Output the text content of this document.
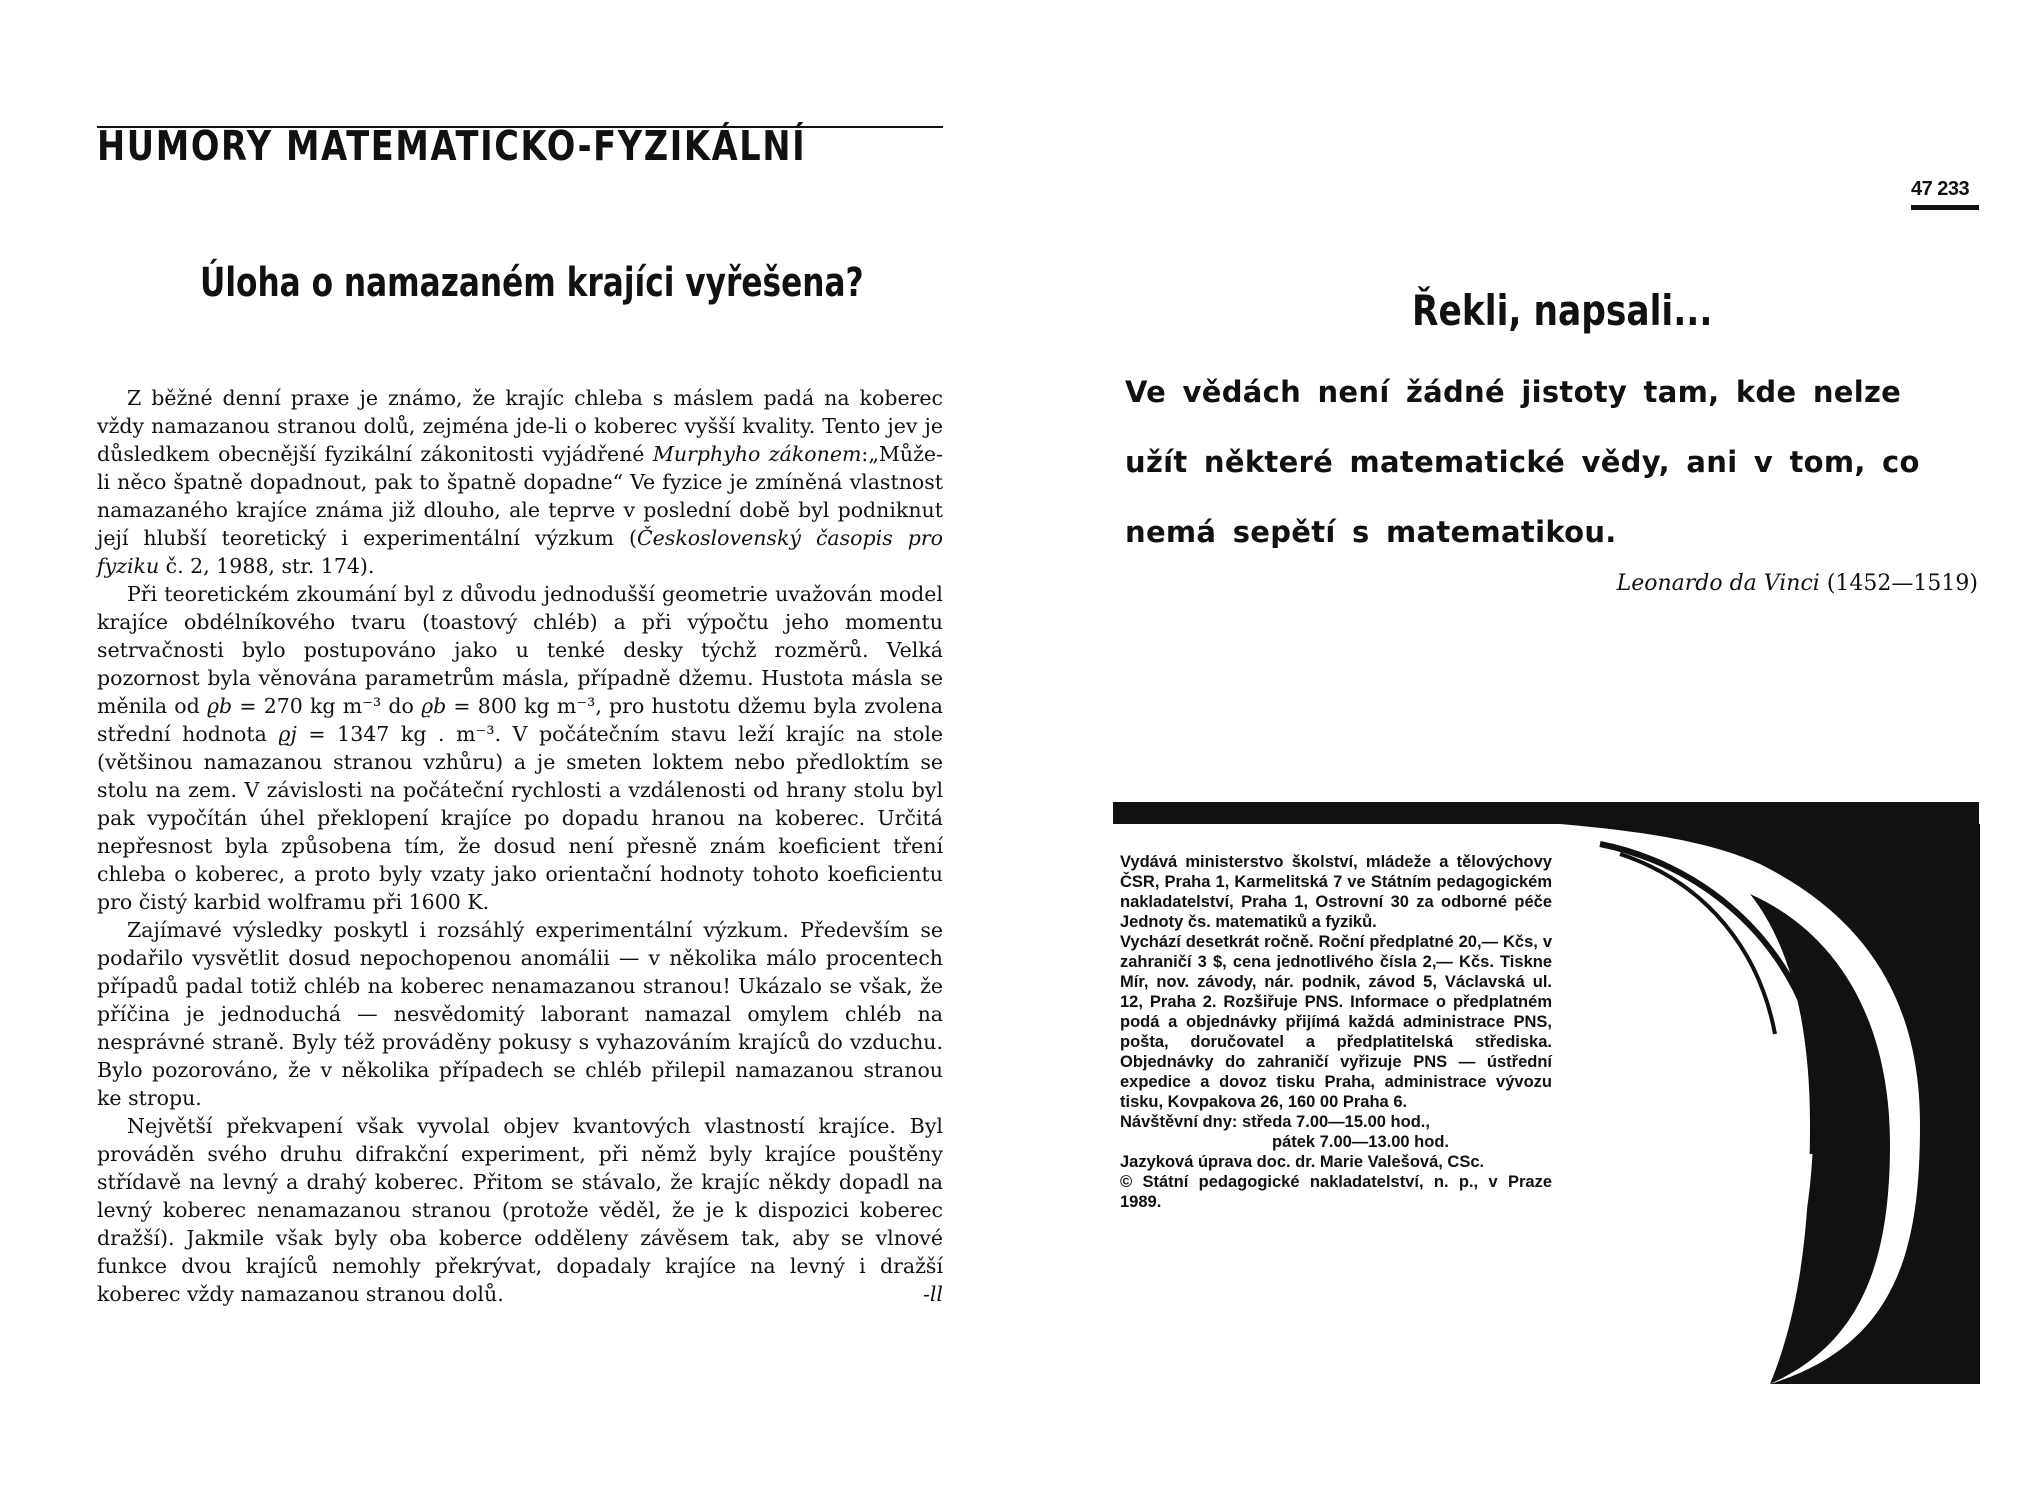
HUMORY MATEMATICKO-FYZIKÁLNÍ
Úloha o namazaném krajíci vyřešena?

Z běžné denní praxe je známo, že krajíc chleba s máslem padá na koberec vždy namazanou stranou dolů, zejména jde-li o koberec vyšší kvality. Tento jev je důsledkem obecnější fyzikální zákonitosti vyjádřené Murphyho zákonem:„Může-li něco špatně dopadnout, pak to špatně dopadne“ Ve fyzice je zmíněná vlastnost namazaného krajíce známa již dlouho, ale teprve v poslední době byl podniknut její hlubší teoretický i experimentální výzkum (Československý časopis pro fyziku č. 2, 1988, str. 174).

Při teoretickém zkoumání byl z důvodu jednodušší geometrie uvažován model krajíce obdélníkového tvaru (toastový chléb) a při výpočtu jeho momentu setrvačnosti bylo postupováno jako u tenké desky týchž rozměrů. Velká pozornost byla věnována parametrům másla, případně džemu. Hustota másla se měnila od ϱb = 270 kg m⁻³ do ϱb = 800 kg m⁻³, pro hustotu džemu byla zvolena střední hodnota ϱj = 1347 kg . m⁻³. V počátečním stavu leží krajíc na stole (většinou namazanou stranou vzhůru) a je smeten loktem nebo předloktím se stolu na zem. V závislosti na počáteční rychlosti a vzdálenosti od hrany stolu byl pak vypočítán úhel překlopení krajíce po dopadu hranou na koberec. Určitá nepřesnost byla způsobena tím, že dosud není přesně znám koeficient tření chleba o koberec, a proto byly vzaty jako orientační hodnoty tohoto koeficientu pro čistý karbid wolframu při 1600 K.

Zajímavé výsledky poskytl i rozsáhlý experimentální výzkum. Především se podařilo vysvětlit dosud nepochopenou anomálii — v několika málo procentech případů padal totiž chléb na koberec nenamazanou stranou! Ukázalo se však, že příčina je jednoduchá — nesvědomitý laborant namazal omylem chléb na nesprávné straně. Byly též prováděny pokusy s vyhazováním krajíců do vzduchu. Bylo pozorováno, že v několika případech se chléb přilepil namazanou stranou ke stropu.

Největší překvapení však vyvolal objev kvantových vlastností krajíce. Byl prováděn svého druhu difrakční experiment, při němž byly krajíce pouštěny střídavě na levný a drahý koberec. Přitom se stávalo, že krajíc někdy dopadl na levný koberec nenamazanou stranou (protože věděl, že je k dispozici koberec dražší). Jakmile však byly oba koberce odděleny závěsem tak, aby se vlnové funkce dvou krajíců nemohly překrývat, dopadaly krajíce na levný i dražší koberec vždy namazanou stranou dolů.	-ll
47 233
Řekli, napsali...

Ve vědách není žádné jistoty tam, kde nelze užít některé matematické vědy, ani v tom, co nemá sepětí s matematikou.

Leonardo da Vinci (1452—1519)

Vydává ministerstvo školství, mládeže a tělovýchovy ČSR, Praha 1, Karmelitská 7 ve Státním pedagogickém nakladatelství, Praha 1, Ostrovní 30 za odborné péče Jednoty čs. matematiků a fyziků.

Vychází desetkrát ročně. Roční předplatné 20,— Kčs, v zahraničí 3 $, cena jednotlivého čísla 2,— Kčs. Tiskne Mír, nov. závody, nár. podnik, závod 5, Václavská ul. 12, Praha 2. Rozšiřuje PNS. Informace o předplatném podá a objednávky přijímá každá administrace PNS, pošta, doručovatel a předplatitelská střediska. Objednávky do zahraničí vyřizuje PNS — ústřední expedice a dovoz tisku Praha, administrace vývozu tisku, Kovpakova 26, 160 00 Praha 6.

Návštěvní dny: středa 7.00—15.00 hod.,

pátek 7.00—13.00 hod.

Jazyková úprava doc. dr. Marie Valešová, CSc.

© Státní pedagogické nakladatelství, n. p., v Praze 1989.
